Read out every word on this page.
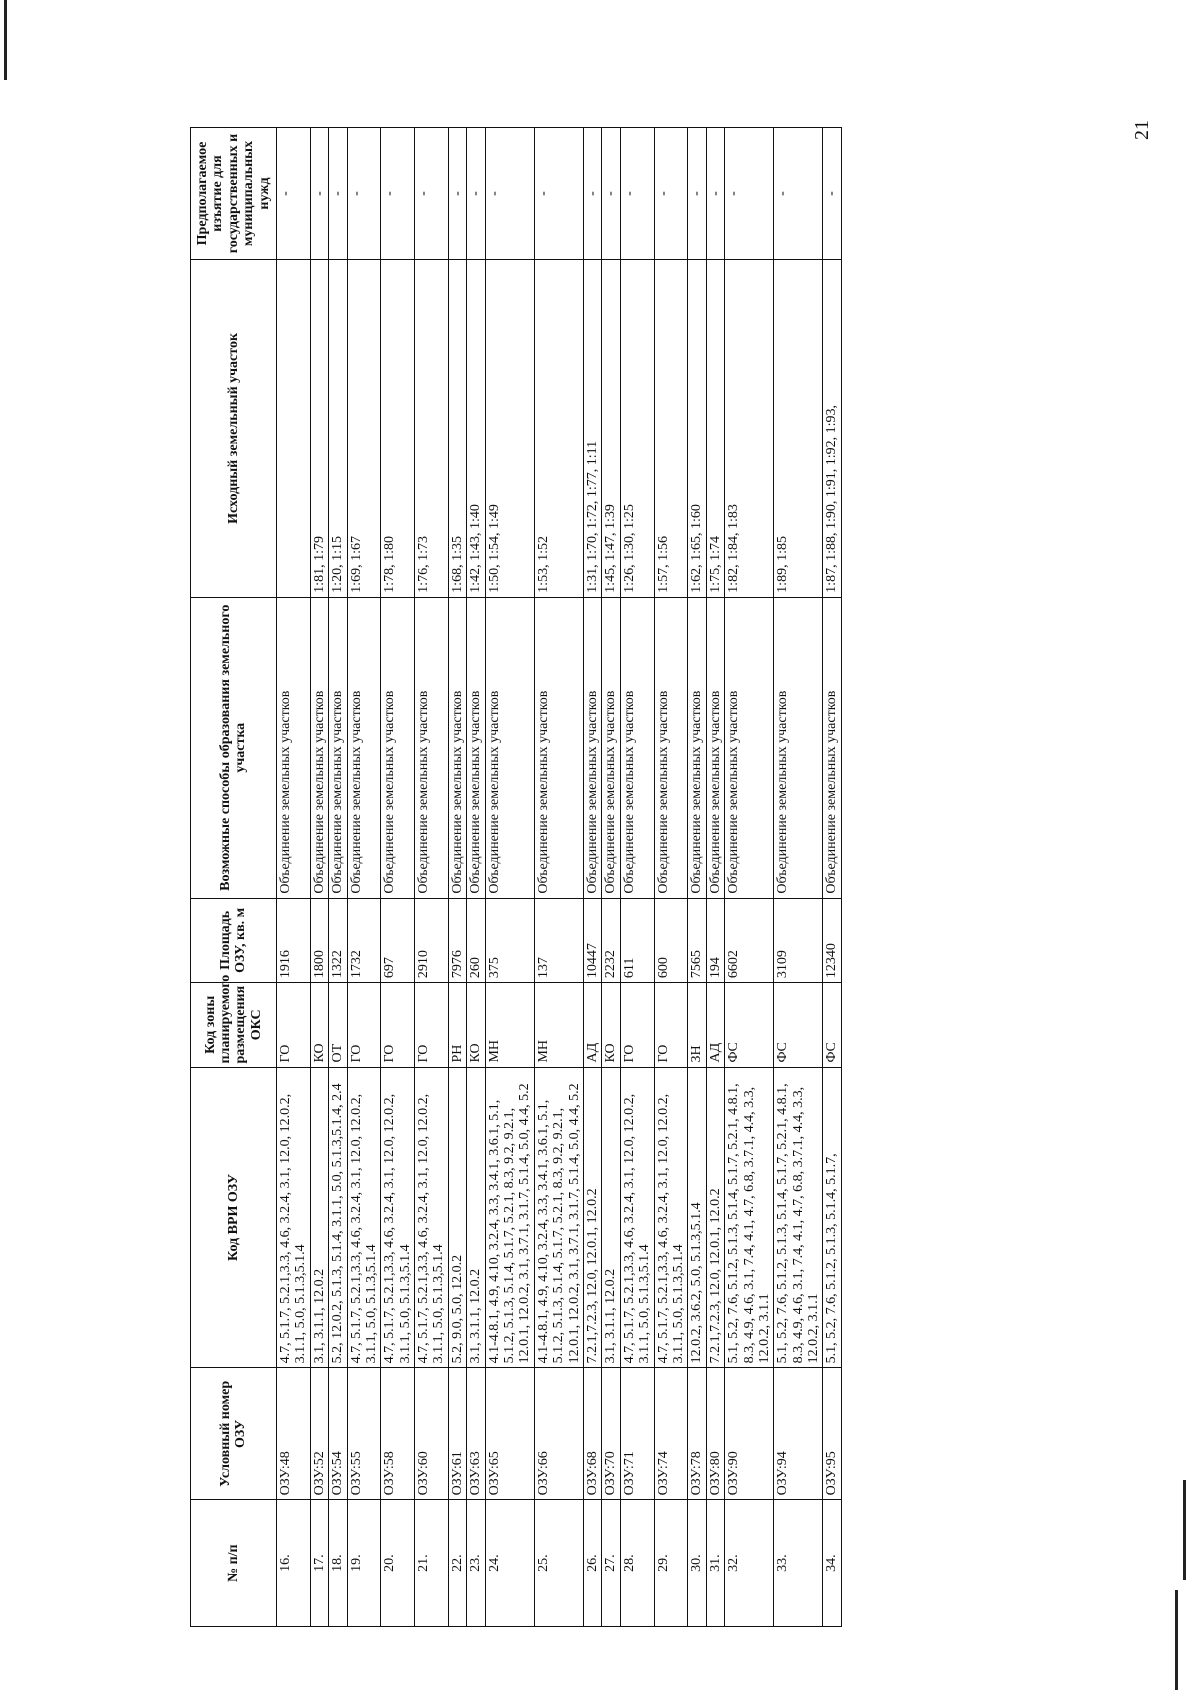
21
№ п/п	Условный номер ОЗУ	Код ВРИ ОЗУ	Код зоны планируемого размещения ОКС	Площадь ОЗУ, кв. м	Возможные способы образования земельного участка	Исходный земельный участок	Предполагаемое изъятие для государственных и муниципальных нужд
16.	ОЗУ:48	4.7, 5.1.7, 5.2.1,3.3, 4.6, 3.2.4, 3.1, 12.0, 12.0.2, 3.1.1, 5.0, 5.1.3,5.1.4	ГО	1916	Объединение земельных участков		-
17.	ОЗУ:52	3.1, 3.1.1, 12.0.2	КО	1800	Объединение земельных участков	1:81, 1:79	-
18.	ОЗУ:54	5.2, 12.0.2, 5.1.3, 5.1.4, 3.1.1, 5.0, 5.1.3,5.1.4, 2.4	ОТ	1322	Объединение земельных участков	1:20, 1:15	-
19.	ОЗУ:55	4.7, 5.1.7, 5.2.1,3.3, 4.6, 3.2.4, 3.1, 12.0, 12.0.2, 3.1.1, 5.0, 5.1.3,5.1.4	ГО	1732	Объединение земельных участков	1:69, 1:67	-
20.	ОЗУ:58	4.7, 5.1.7, 5.2.1,3.3, 4.6, 3.2.4, 3.1, 12.0, 12.0.2, 3.1.1, 5.0, 5.1.3,5.1.4	ГО	697	Объединение земельных участков	1:78, 1:80	-
21.	ОЗУ:60	4.7, 5.1.7, 5.2.1,3.3, 4.6, 3.2.4, 3.1, 12.0, 12.0.2, 3.1.1, 5.0, 5.1.3,5.1.4	ГО	2910	Объединение земельных участков	1:76, 1:73	-
22.	ОЗУ:61	5.2, 9.0, 5.0, 12.0.2	РН	7976	Объединение земельных участков	1:68, 1:35	-
23.	ОЗУ:63	3.1, 3.1.1, 12.0.2	КО	260	Объединение земельных участков	1:42, 1:43, 1:40	-
24.	ОЗУ:65	4.1-4.8.1, 4.9, 4.10, 3.2.4, 3.3, 3.4.1, 3.6.1, 5.1, 5.1.2, 5.1.3, 5.1.4, 5.1.7, 5.2.1, 8.3, 9.2, 9.2.1, 12.0.1, 12.0.2, 3.1, 3.7.1, 3.1.7, 5.1.4, 5.0, 4.4, 5.2	МН	375	Объединение земельных участков	1:50, 1:54, 1:49	-
25.	ОЗУ:66	4.1-4.8.1, 4.9, 4.10, 3.2.4, 3.3, 3.4.1, 3.6.1, 5.1, 5.1.2, 5.1.3, 5.1.4, 5.1.7, 5.2.1, 8.3, 9.2, 9.2.1, 12.0.1, 12.0.2, 3.1, 3.7.1, 3.1.7, 5.1.4, 5.0, 4.4, 5.2	МН	137	Объединение земельных участков	1:53, 1:52	-
26.	ОЗУ:68	7.2.1,7.2.3, 12.0, 12.0.1, 12.0.2	АД	10447	Объединение земельных участков	1:31, 1:70, 1:72, 1:77, 1:11	-
27.	ОЗУ:70	3.1, 3.1.1, 12.0.2	КО	2232	Объединение земельных участков	1:45, 1:47, 1:39	-
28.	ОЗУ:71	4.7, 5.1.7, 5.2.1,3.3, 4.6, 3.2.4, 3.1, 12.0, 12.0.2, 3.1.1, 5.0, 5.1.3,5.1.4	ГО	611	Объединение земельных участков	1:26, 1:30, 1:25	-
29.	ОЗУ:74	4.7, 5.1.7, 5.2.1,3.3, 4.6, 3.2.4, 3.1, 12.0, 12.0.2, 3.1.1, 5.0, 5.1.3,5.1.4	ГО	600	Объединение земельных участков	1:57, 1:56	-
30.	ОЗУ:78	12.0.2, 3.6.2, 5.0, 5.1.3,5.1.4	ЗН	7565	Объединение земельных участков	1:62, 1:65, 1:60	-
31.	ОЗУ:80	7.2.1,7.2.3, 12.0, 12.0.1, 12.0.2	АД	194	Объединение земельных участков	1:75, 1:74	-
32.	ОЗУ:90	5.1, 5.2, 7.6, 5.1.2, 5.1.3, 5.1.4, 5.1.7, 5.2.1, 4.8.1, 8.3, 4.9, 4.6, 3.1, 7.4, 4.1, 4.7, 6.8, 3.7.1, 4.4, 3.3, 12.0.2, 3.1.1	ФС	6602	Объединение земельных участков	1:82, 1:84, 1:83	-
33.	ОЗУ:94	5.1, 5.2, 7.6, 5.1.2, 5.1.3, 5.1.4, 5.1.7, 5.2.1, 4.8.1, 8.3, 4.9, 4.6, 3.1, 7.4, 4.1, 4.7, 6.8, 3.7.1, 4.4, 3.3, 12.0.2, 3.1.1	ФС	3109	Объединение земельных участков	1:89, 1:85	-
34.	ОЗУ:95	5.1, 5.2, 7.6, 5.1.2, 5.1.3, 5.1.4, 5.1.7,	ФС	12340	Объединение земельных участков	1:87, 1:88, 1:90, 1:91, 1:92, 1:93,	-
